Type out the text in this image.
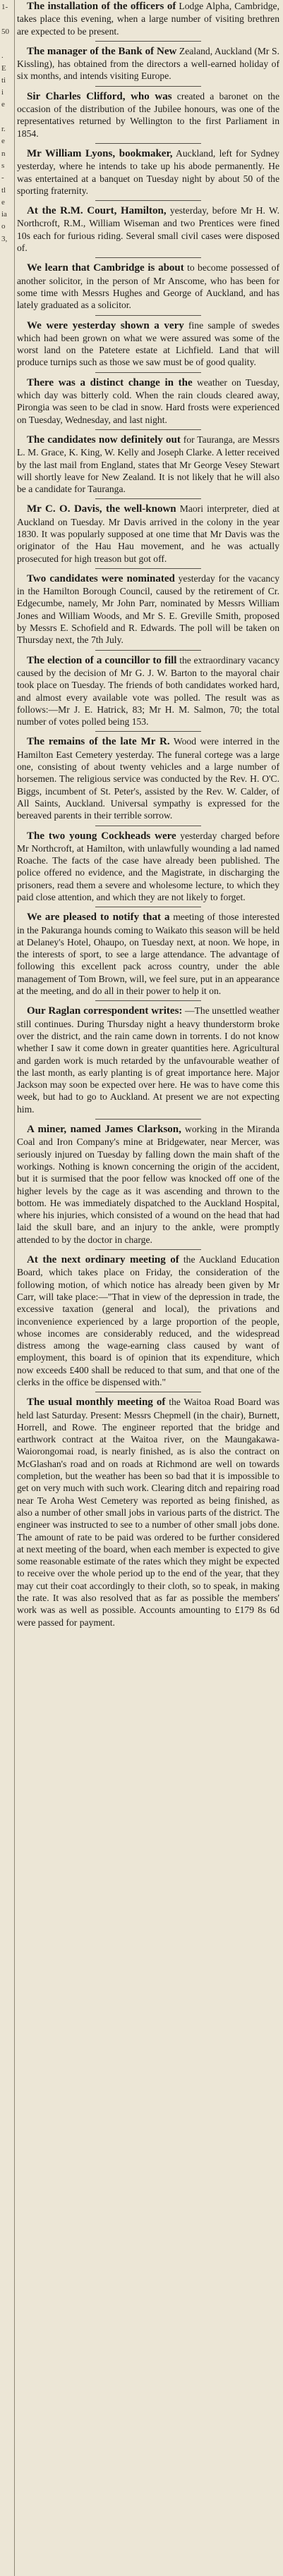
1-
50
.
E
ti
i
e
r.
e
n
s
-
tl
e
ia
o
3,

The installation of the officers of Lodge Alpha, Cambridge, takes place this evening, when a large number of visiting brethren are expected to be present.

The manager of the Bank of New Zealand, Auckland (Mr S. Kissling), has obtained from the directors a well-earned holiday of six months, and intends visiting Europe.

Sir Charles Clifford, who was created a baronet on the occasion of the distribution of the Jubilee honours, was one of the representatives returned by Wellington to the first Parliament in 1854.

Mr William Lyons, bookmaker, Auckland, left for Sydney yesterday, where he intends to take up his abode permanently. He was entertained at a banquet on Tuesday night by about 50 of the sporting fraternity.

At the R.M. Court, Hamilton, yesterday, before Mr H. W. Northcroft, R.M., William Wiseman and two Prentices were fined 10s each for furious riding. Several small civil cases were disposed of.

We learn that Cambridge is about to become possessed of another solicitor, in the person of Mr Anscome, who has been for some time with Messrs Hughes and George of Auckland, and has lately graduated as a solicitor.

We were yesterday shown a very fine sample of swedes which had been grown on what we were assured was some of the worst land on the Patetere estate at Lichfield. Land that will produce turnips such as those we saw must be of good quality.

There was a distinct change in the weather on Tuesday, which day was bitterly cold. When the rain clouds cleared away, Pirongia was seen to be clad in snow. Hard frosts were experienced on Tuesday, Wednesday, and last night.

The candidates now definitely out for Tauranga, are Messrs L. M. Grace, K. King, W. Kelly and Joseph Clarke. A letter received by the last mail from England, states that Mr George Vesey Stewart will shortly leave for New Zealand. It is not likely that he will also be a candidate for Tauranga.

Mr C. O. Davis, the well-known Maori interpreter, died at Auckland on Tuesday. Mr Davis arrived in the colony in the year 1830. It was popularly supposed at one time that Mr Davis was the originator of the Hau Hau movement, and he was actually prosecuted for high treason but got off.

Two candidates were nominated yesterday for the vacancy in the Hamilton Borough Council, caused by the retirement of Cr. Edgecumbe, namely, Mr John Parr, nominated by Messrs William Jones and William Woods, and Mr S. E. Greville Smith, proposed by Messrs E. Schofield and R. Edwards. The poll will be taken on Thursday next, the 7th July.

The election of a councillor to fill the extraordinary vacancy caused by the decision of Mr G. J. W. Barton to the mayoral chair took place on Tuesday. The friends of both candidates worked hard, and almost every available vote was polled. The result was as follows:—Mr J. E. Hatrick, 83; Mr H. M. Salmon, 70; the total number of votes polled being 153.

The remains of the late Mr R. Wood were interred in the Hamilton East Cemetery yesterday. The funeral cortege was a large one, consisting of about twenty vehicles and a large number of horsemen. The religious service was conducted by the Rev. H. O'C. Biggs, incumbent of St. Peter's, assisted by the Rev. W. Calder, of All Saints, Auckland. Universal sympathy is expressed for the bereaved parents in their terrible sorrow.

The two young Cockheads were yesterday charged before Mr Northcroft, at Hamilton, with unlawfully wounding a lad named Roache. The facts of the case have already been published. The police offered no evidence, and the Magistrate, in discharging the prisoners, read them a severe and wholesome lecture, to which they paid close attention, and which they are not likely to forget.

We are pleased to notify that a meeting of those interested in the Pakuranga hounds coming to Waikato this season will be held at Delaney's Hotel, Ohaupo, on Tuesday next, at noon. We hope, in the interests of sport, to see a large attendance. The advantage of following this excellent pack across country, under the able management of Tom Brown, will, we feel sure, put in an appearance at the meeting, and do all in their power to help it on.

Our Raglan correspondent writes: —The unsettled weather still continues. During Thursday night a heavy thunderstorm broke over the district, and the rain came down in torrents. I do not know whether I saw it come down in greater quantities here. Agricultural and garden work is much retarded by the unfavourable weather of the last month, as early planting is of great importance here. Major Jackson may soon be expected over here. He was to have come this week, but had to go to Auckland. At present we are not expecting him.

A miner, named James Clarkson, working in the Miranda Coal and Iron Company's mine at Bridgewater, near Mercer, was seriously injured on Tuesday by falling down the main shaft of the workings. Nothing is known concerning the origin of the accident, but it is surmised that the poor fellow was knocked off one of the higher levels by the cage as it was ascending and thrown to the bottom. He was immediately dispatched to the Auckland Hospital, where his injuries, which consisted of a wound on the head that had laid the skull bare, and an injury to the ankle, were promptly attended to by the doctor in charge.

At the next ordinary meeting of the Auckland Education Board, which takes place on Friday, the consideration of the following motion, of which notice has already been given by Mr Carr, will take place:—"That in view of the depression in trade, the excessive taxation (general and local), the privations and inconvenience experienced by a large proportion of the people, whose incomes are considerably reduced, and the widespread distress among the wage-earning class caused by want of employment, this board is of opinion that its expenditure, which now exceeds £400 shall be reduced to that sum, and that one of the clerks in the office be dispensed with."

The usual monthly meeting of the Waitoa Road Board was held last Saturday. Present: Messrs Chepmell (in the chair), Burnett, Horrell, and Rowe. The engineer reported that the bridge and earthwork contract at the Waitoa river, on the Maungakawa-Waiorongomai road, is nearly finished, as is also the contract on McGlashan's road and on roads at Richmond are well on towards completion, but the weather has been so bad that it is impossible to get on very much with such work. Clearing ditch and repairing road near Te Aroha West Cemetery was reported as being finished, as also a number of other small jobs in various parts of the district. The engineer was instructed to see to a number of other small jobs done. The amount of rate to be paid was ordered to be further considered at next meeting of the board, when each member is expected to give some reasonable estimate of the rates which they might be expected to receive over the whole period up to the end of the year, that they may cut their coat accordingly to their cloth, so to speak, in making the rate. It was also resolved that as far as possible the members' work was as well as possible. Accounts amounting to £179 8s 6d were passed for payment.
